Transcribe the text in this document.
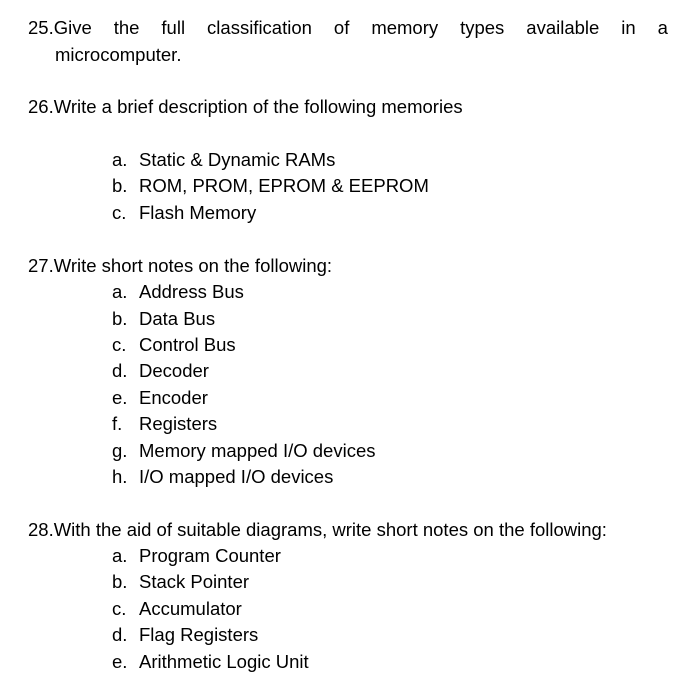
25.Give the full classification of memory types available in a
microcomputer.
26.Write a brief description of the following memories
a. Static & Dynamic RAMs
b. ROM, PROM, EPROM & EEPROM
c. Flash Memory
27.Write short notes on the following:
a. Address Bus
b. Data Bus
c. Control Bus
d. Decoder
e. Encoder
f. Registers
g. Memory mapped I/O devices
h. I/O mapped I/O devices
28.With the aid of suitable diagrams, write short notes on the following:
a. Program Counter
b. Stack Pointer
c. Accumulator
d. Flag Registers
e. Arithmetic Logic Unit
